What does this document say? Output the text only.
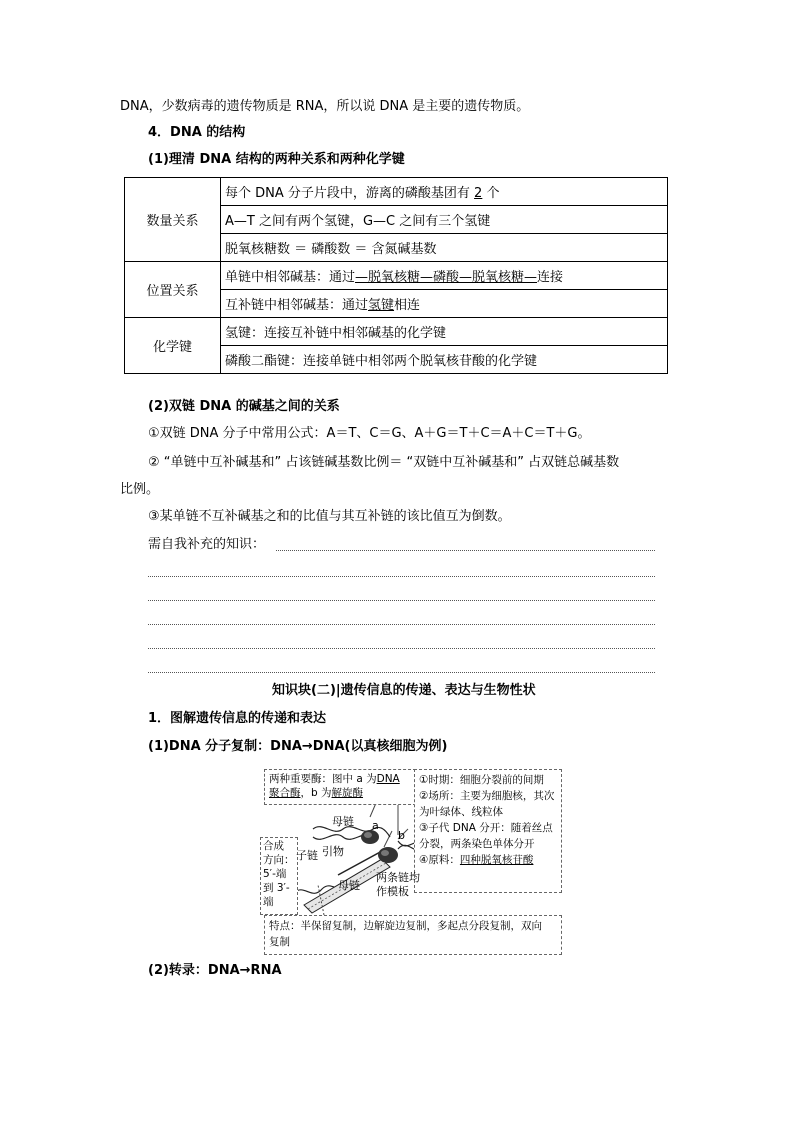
DNA，少数病毒的遗传物质是 RNA，所以说 DNA 是主要的遗传物质。
4．DNA 的结构
(1)理清 DNA 结构的两种关系和两种化学键
数量关系	每个 DNA 分子片段中，游离的磷酸基团有 2 个
	A—T 之间有两个氢键，G—C 之间有三个氢键
	脱氧核糖数 ＝ 磷酸数 ＝ 含氮碱基数
位置关系	单链中相邻碱基：通过—脱氧核糖—磷酸—脱氧核糖—连接
	互补链中相邻碱基：通过氢键相连
化学键	氢键：连接互补链中相邻碱基的化学键
	磷酸二酯键：连接单链中相邻两个脱氧核苷酸的化学键
(2)双链 DNA 的碱基之间的关系
①双链 DNA 分子中常用公式：A＝T、C＝G、A＋G＝T＋C＝A＋C＝T＋G。
② “单链中互补碱基和” 占该链碱基数比例＝ “双链中互补碱基和” 占双链总碱基数
比例。
③某单链不互补碱基之和的比值与其互补链的该比值互为倒数。
需自我补充的知识：
知识块(二)|遗传信息的传递、表达与生物性状
1．图解遗传信息的传递和表达
(1)DNA 分子复制：DNA→DNA(以真核细胞为例)
两种重要酶：图中 a 为DNA
聚合酶，b 为解旋酶
①时期：细胞分裂前的间期
②场所：主要为细胞核，其次
为叶绿体、线粒体
③子代 DNA 分开：随着丝点
分裂，两条染色单体分开
④原料：四种脱氧核苷酸
合成
方向：
5′-端
到 3′-
端
母链 a
b
子链 引物
母链
两条链均
作模板
特点：半保留复制，边解旋边复制，多起点分段复制，双向
复制
(2)转录：DNA→RNA
